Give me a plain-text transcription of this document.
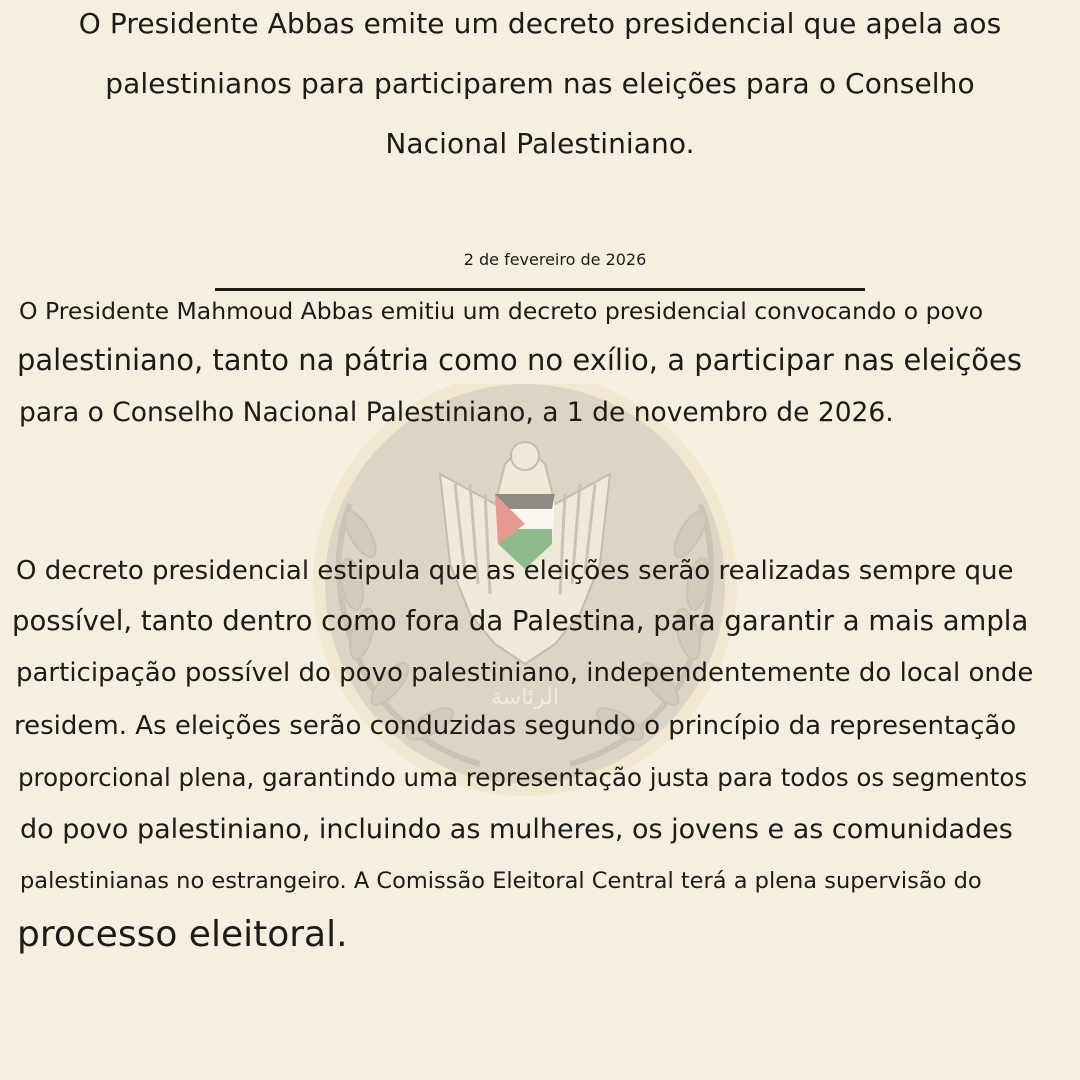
الرئاسة

O Presidente Abbas emite um decreto presidencial que apela aos

palestinianos para participarem nas eleições para o Conselho

Nacional Palestiniano.

2 de fevereiro de 2026

O Presidente Mahmoud Abbas emitiu um decreto presidencial convocando o povo

palestiniano, tanto na pátria como no exílio, a participar nas eleições

para o Conselho Nacional Palestiniano, a 1 de novembro de 2026.

O decreto presidencial estipula que as eleições serão realizadas sempre que

possível, tanto dentro como fora da Palestina, para garantir a mais ampla

participação possível do povo palestiniano, independentemente do local onde

residem. As eleições serão conduzidas segundo o princípio da representação

proporcional plena, garantindo uma representação justa para todos os segmentos

do povo palestiniano, incluindo as mulheres, os jovens e as comunidades

palestinianas no estrangeiro. A Comissão Eleitoral Central terá a plena supervisão do

processo eleitoral.
